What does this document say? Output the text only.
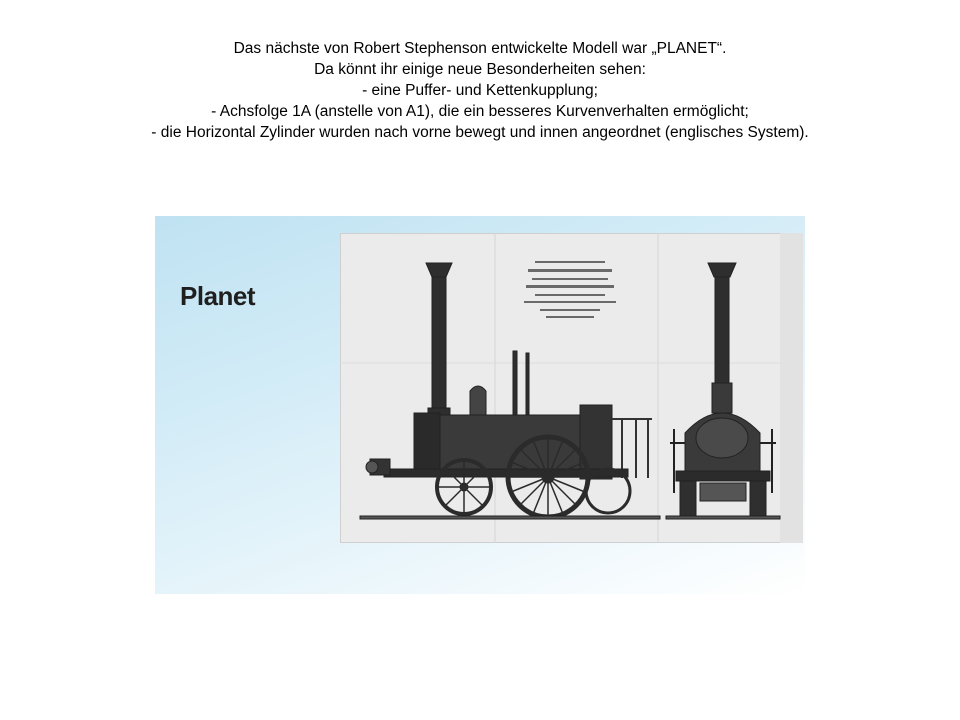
Das nächste von Robert Stephenson entwickelte Modell war „PLANET“.
Da könnt ihr einige neue Besonderheiten sehen:
- eine Puffer- und Kettenkupplung;
- Achsfolge 1A (anstelle von A1), die ein besseres Kurvenverhalten ermöglicht;
- die Horizontal Zylinder wurden nach vorne bewegt und innen angeordnet (englisches System).
Planet
